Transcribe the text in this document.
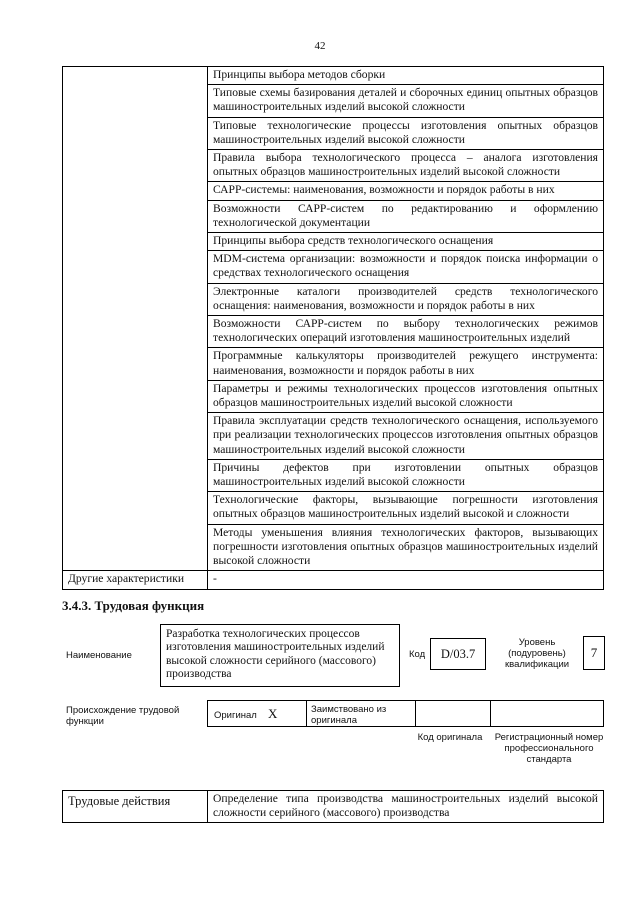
42
	Принципы выбора методов сборки
	Типовые схемы базирования деталей и сборочных единиц опытных образцов машиностроительных изделий высокой сложности
	Типовые технологические процессы изготовления опытных образцов машиностроительных изделий высокой сложности
	Правила выбора технологического процесса – аналога изготовления опытных образцов машиностроительных изделий высокой сложности
	САРР-системы: наименования, возможности и порядок работы в них
	Возможности САРР-систем по редактированию и оформлению технологической документации
	Принципы выбора средств технологического оснащения
	MDM-система организации: возможности и порядок поиска информации о средствах технологического оснащения
	Электронные каталоги производителей средств технологического оснащения: наименования, возможности и порядок работы в них
	Возможности САРР-систем по выбору технологических режимов технологических операций изготовления машиностроительных изделий
	Программные калькуляторы производителей режущего инструмента: наименования, возможности и порядок работы в них
	Параметры и режимы технологических процессов изготовления опытных образцов машиностроительных изделий высокой сложности
	Правила эксплуатации средств технологического оснащения, используемого при реализации технологических процессов изготовления опытных образцов машиностроительных изделий высокой сложности
	Причины дефектов при изготовлении опытных образцов машиностроительных изделий высокой сложности
	Технологические факторы, вызывающие погрешности изготовления опытных образцов машиностроительных изделий высокой и сложности
	Методы уменьшения влияния технологических факторов, вызывающих погрешности изготовления опытных образцов машиностроительных изделий высокой сложности
Другие характеристики	-
3.4.3. Трудовая функция
Наименование
Разработка технологических процессов изготовления машиностроительных изделий высокой сложности серийного (массового) производства
Код	D/03.7
Уровень (подуровень) квалификации
7
Происхождение трудовой функции
Оригинал X	Заимствовано из оригинала
Код оригинала	Регистрационный номер профессионального стандарта
Трудовые действия	Определение типа производства машиностроительных изделий высокой сложности серийного (массового) производства
